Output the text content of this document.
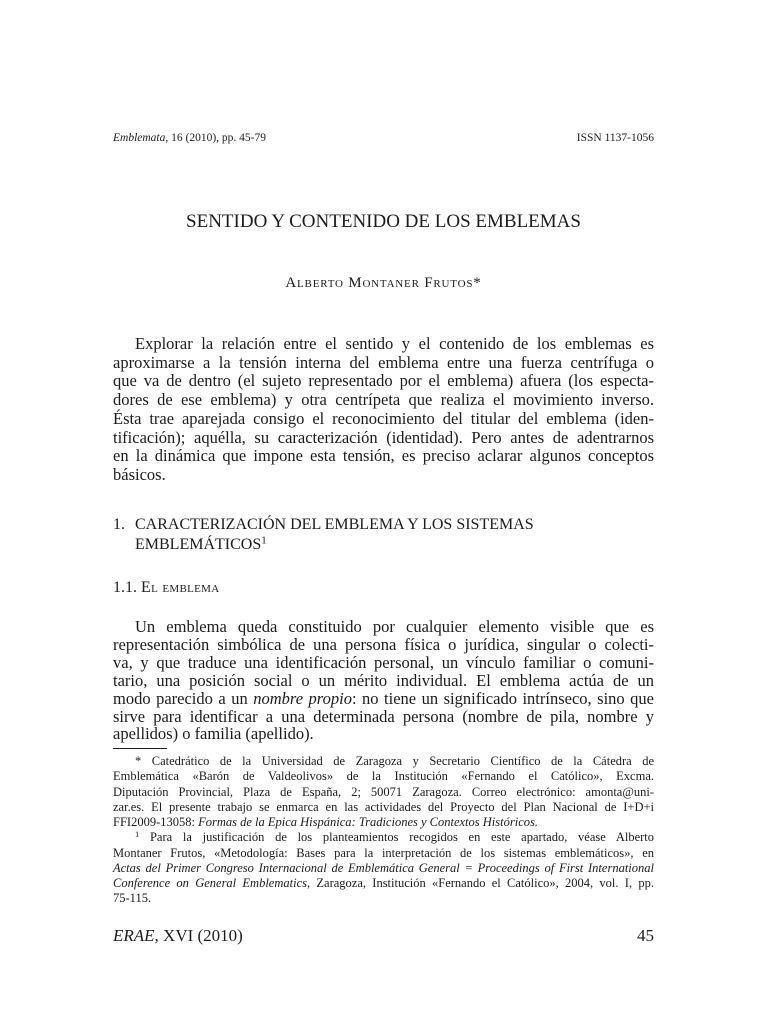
Emblemata, 16 (2010), pp. 45-79	ISSN 1137-1056
SENTIDO Y CONTENIDO DE LOS EMBLEMAS
Alberto Montaner Frutos*
Explorar la relación entre el sentido y el contenido de los emblemas es
aproximarse a la tensión interna del emblema entre una fuerza centrífuga o
que va de dentro (el sujeto representado por el emblema) afuera (los especta-
dores de ese emblema) y otra centrípeta que realiza el movimiento inverso.
Ésta trae aparejada consigo el reconocimiento del titular del emblema (iden-
tificación); aquélla, su caracterización (identidad). Pero antes de adentrarnos
en la dinámica que impone esta tensión, es preciso aclarar algunos conceptos
básicos.
1. CARACTERIZACIÓN DEL EMBLEMA Y LOS SISTEMAS
EMBLEMÁTICOS$^1$
1.1. El emblema
Un emblema queda constituido por cualquier elemento visible que es
representación simbólica de una persona física o jurídica, singular o colecti-
va, y que traduce una identificación personal, un vínculo familiar o comuni-
tario, una posición social o un mérito individual. El emblema actúa de un
modo parecido a un nombre propio: no tiene un significado intrínseco, sino que
sirve para identificar a una determinada persona (nombre de pila, nombre y
apellidos) o familia (apellido).
* Catedrático de la Universidad de Zaragoza y Secretario Científico de la Cátedra de
Emblemática «Barón de Valdeolivos» de la Institución «Fernando el Católico», Excma.
Diputación Provincial, Plaza de España, 2; 50071 Zaragoza. Correo electrónico: amonta@uni-
zar.es. El presente trabajo se enmarca en las actividades del Proyecto del Plan Nacional de I+D+i
FFI2009-13058: Formas de la Epica Hispánica: Tradiciones y Contextos Históricos.
$^1$ Para la justificación de los planteamientos recogidos en este apartado, véase Alberto
Montaner Frutos, «Metodología: Bases para la interpretación de los sistemas emblemáticos», en
Actas del Primer Congreso Internacional de Emblemática General = Proceedings of First International
Conference on General Emblematics, Zaragoza, Institución «Fernando el Católico», 2004, vol. I, pp.
75-115.
ERAE, XVI (2010)	45
